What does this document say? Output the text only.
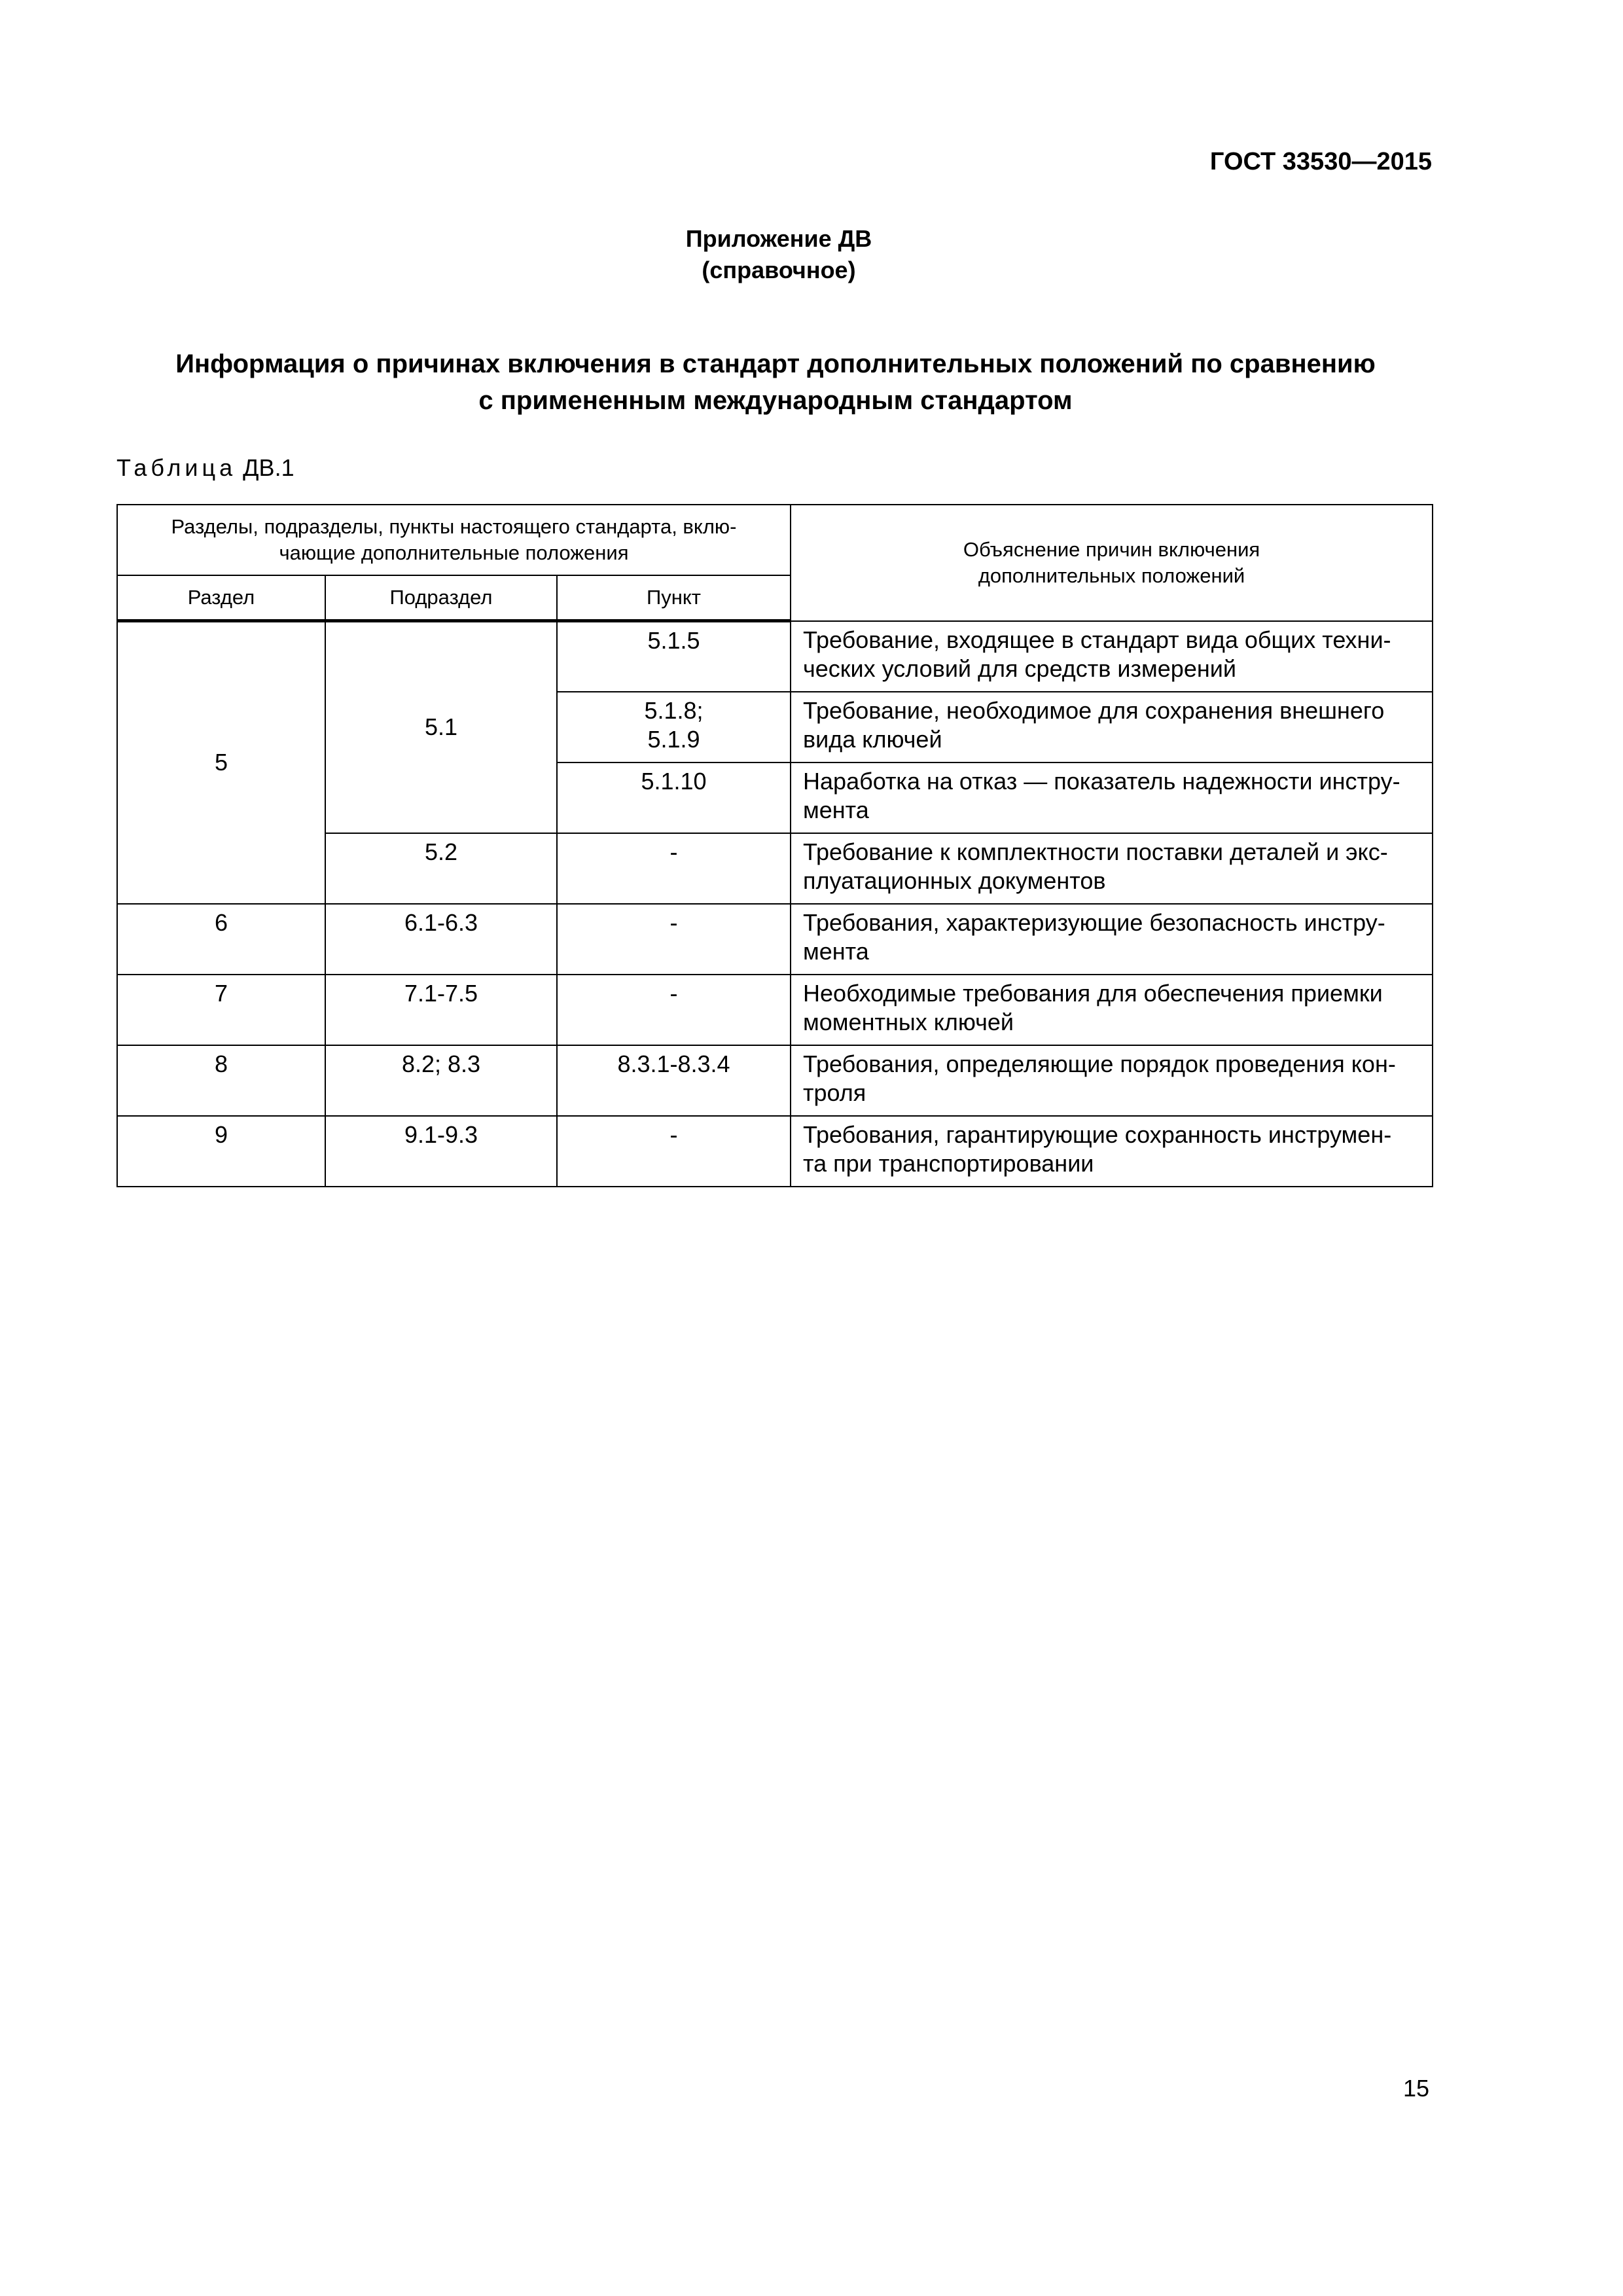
ГОСТ 33530—2015
Приложение ДВ
(справочное)
Информация о причинах включения в стандарт дополнительных положений по сравнению
с примененным международным стандартом
Таблица ДВ.1
Разделы, подразделы, пункты настоящего стандарта, вклю-
чающие дополнительные положения			Объяснение причин включения
дополнительных положений

Раздел	Подраздел	Пункт	
5	5.1	5.1.5	Требование, входящее в стандарт вида общих техни-
ческих условий для средств измерений

		5.1.8;
5.1.9	Требование, необходимое для сохранения внешнего
вида ключей

		5.1.10	Наработка на отказ — показатель надежности инстру-
мента

	5.2	-	Требование к комплектности поставки деталей и экс-
плуатационных документов

6	6.1-6.3	-	Требования, характеризующие безопасность инстру-
мента

7	7.1-7.5	-	Необходимые требования для обеспечения приемки
моментных ключей

8	8.2; 8.3	8.3.1-8.3.4	Требования, определяющие порядок проведения кон-
троля

9	9.1-9.3	-	Требования, гарантирующие сохранность инструмен-
та при транспортировании
15
